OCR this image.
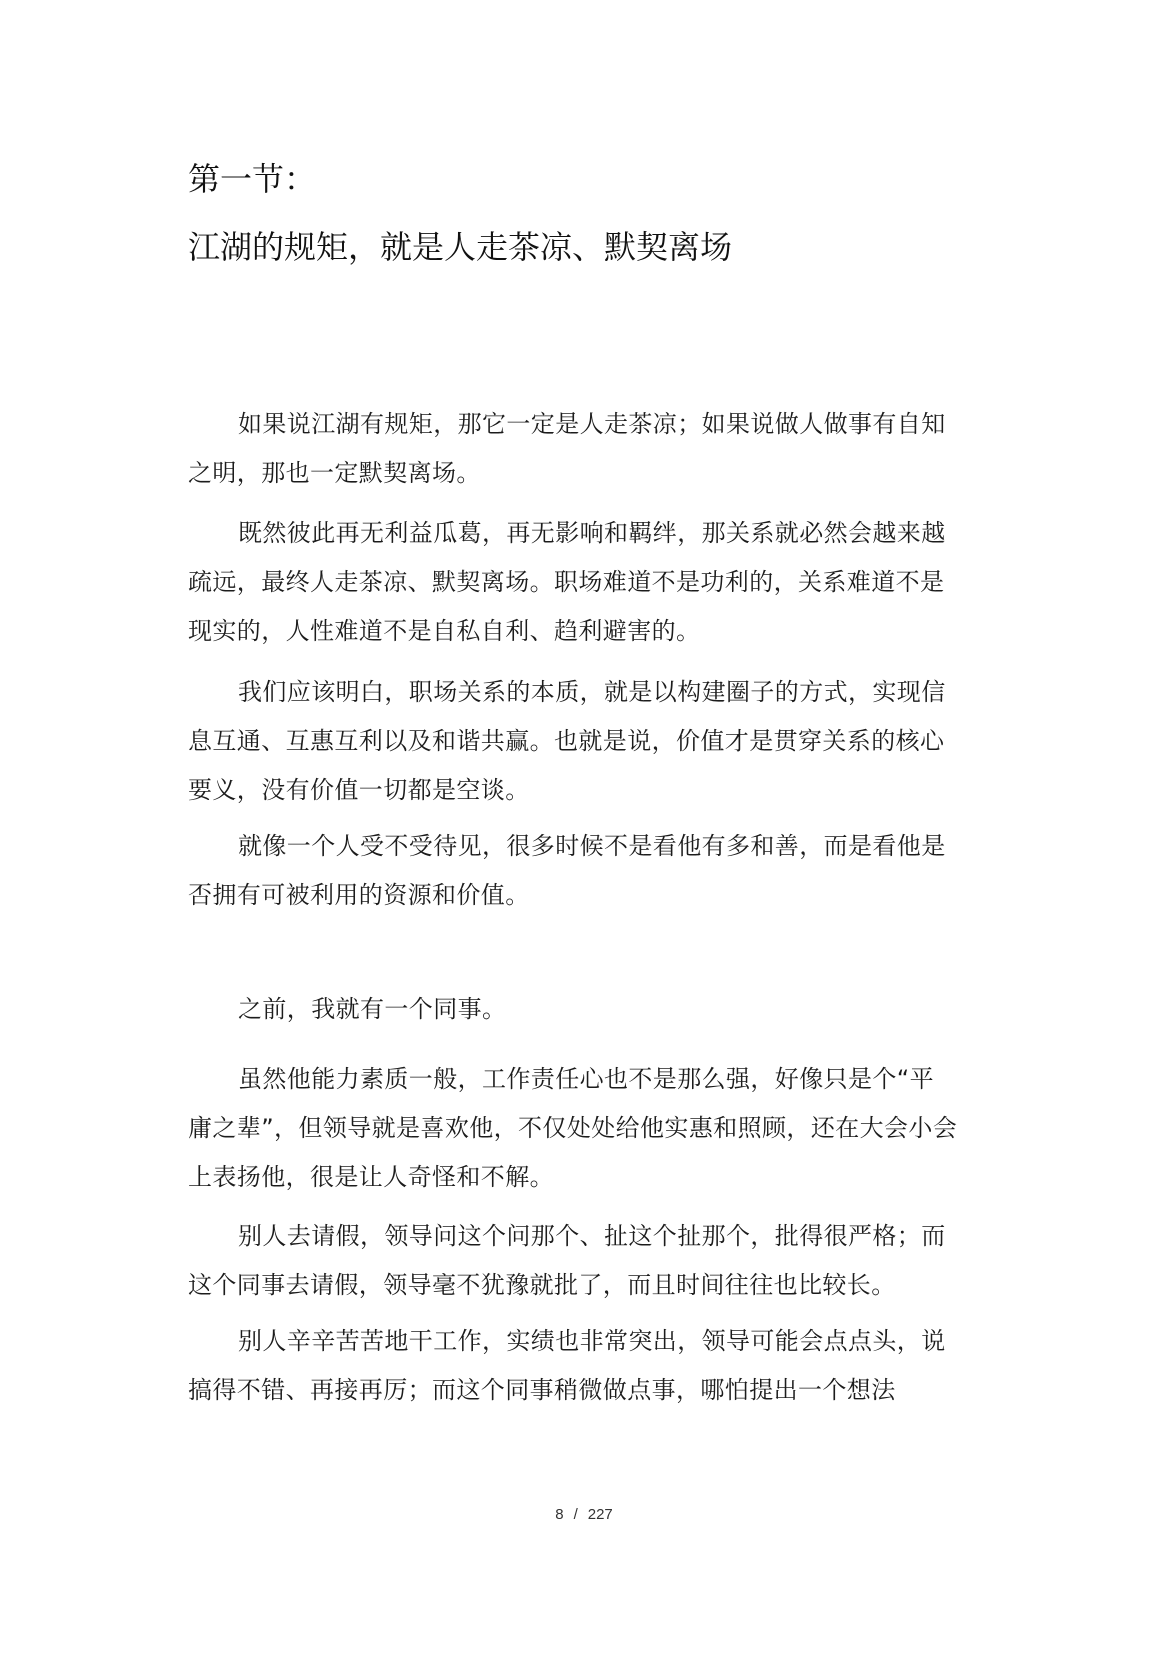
第一节：
江湖的规矩，就是人走茶凉、默契离场

如果说江湖有规矩，那它一定是人走茶凉；如果说做人做事有自知之明，那也一定默契离场。

既然彼此再无利益瓜葛，再无影响和羁绊，那关系就必然会越来越疏远，最终人走茶凉、默契离场。职场难道不是功利的，关系难道不是现实的，人性难道不是自私自利、趋利避害的。

我们应该明白，职场关系的本质，就是以构建圈子的方式，实现信息互通、互惠互利以及和谐共赢。也就是说，价值才是贯穿关系的核心要义，没有价值一切都是空谈。

就像一个人受不受待见，很多时候不是看他有多和善，而是看他是否拥有可被利用的资源和价值。

之前，我就有一个同事。

虽然他能力素质一般，工作责任心也不是那么强，好像只是个“平庸之辈”，但领导就是喜欢他，不仅处处给他实惠和照顾，还在大会小会上表扬他，很是让人奇怪和不解。

别人去请假，领导问这个问那个、扯这个扯那个，批得很严格；而这个同事去请假，领导毫不犹豫就批了，而且时间往往也比较长。

别人辛辛苦苦地干工作，实绩也非常突出，领导可能会点点头，说搞得不错、再接再厉；而这个同事稍微做点事，哪怕提出一个想法

8 / 227
